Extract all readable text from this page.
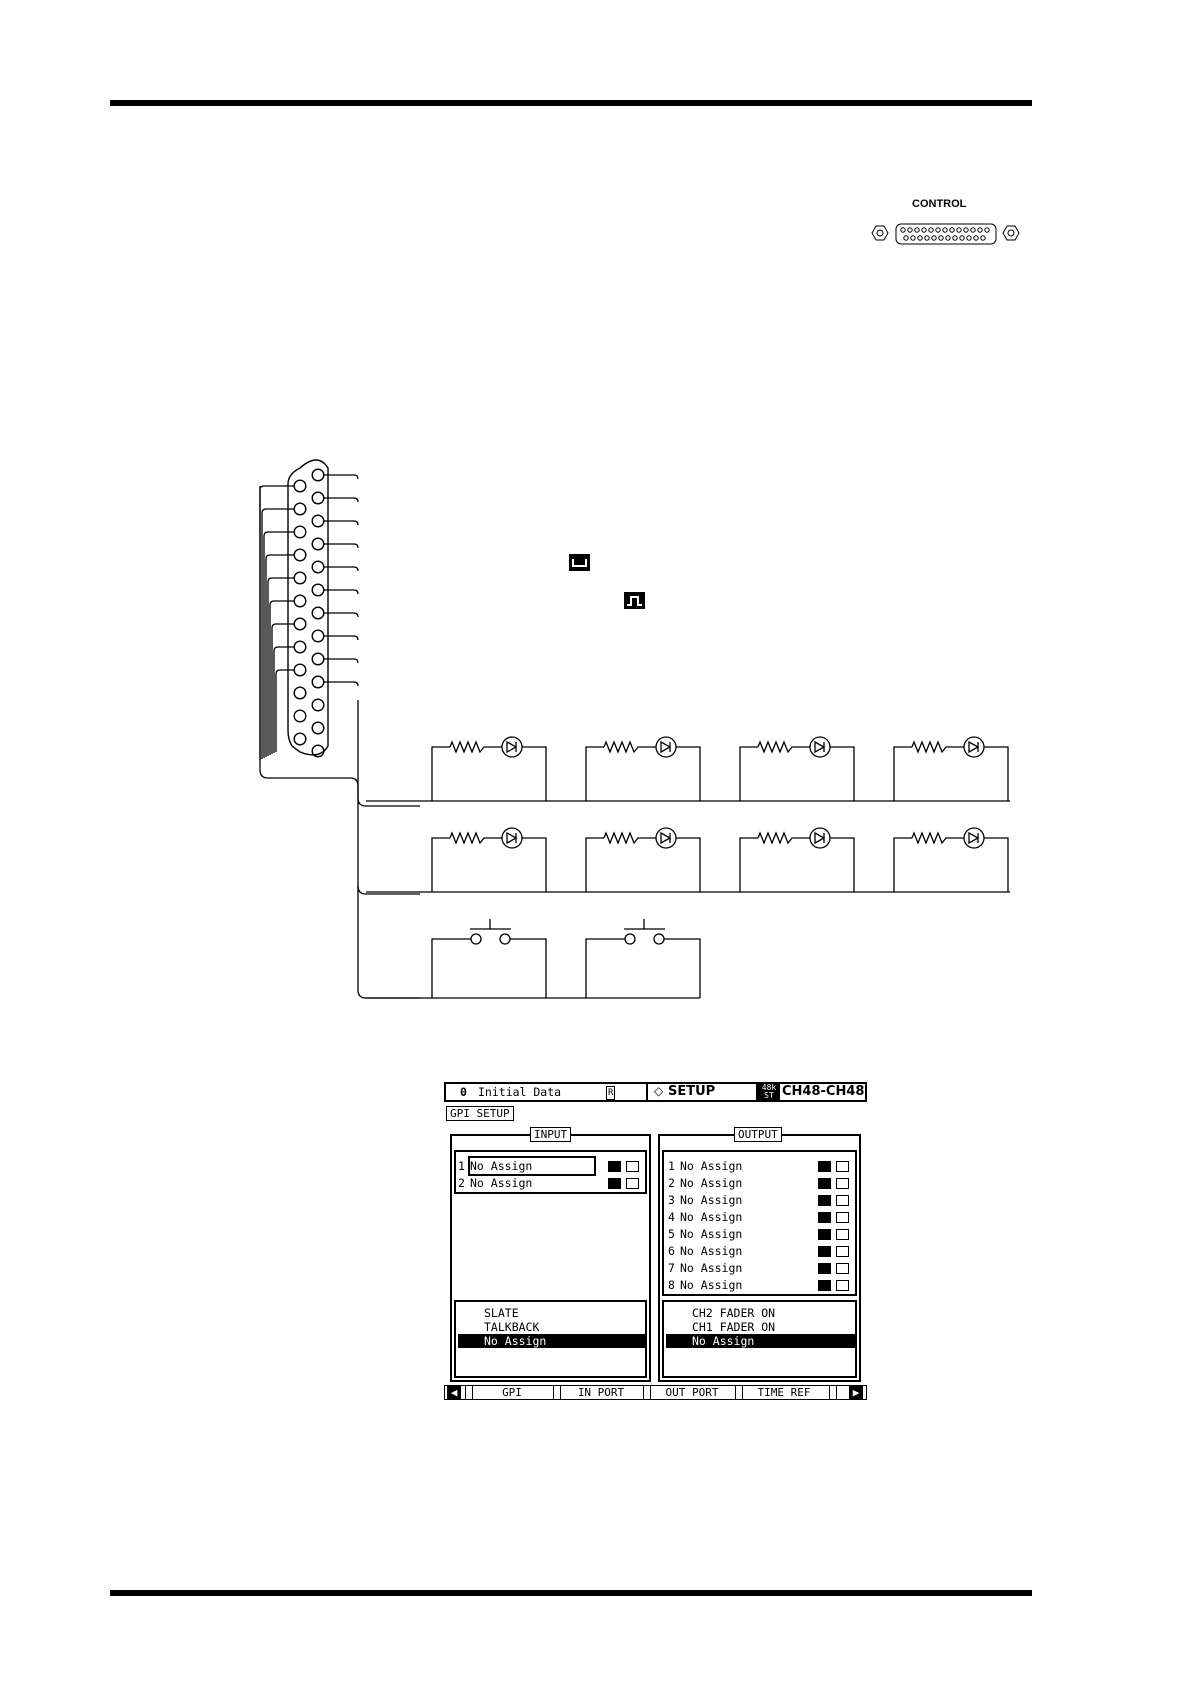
CONTROL
0 Initial Data	R	◇ SETUP	48k
ST CH48-CH48
GPI SETUP
INPUT
1 No Assign
2 No Assign
SLATE
TALKBACK
No Assign
OUTPUT
1 No Assign
2 No Assign
3 No Assign
4 No Assign
5 No Assign
6 No Assign
7 No Assign
8 No Assign
CH2 FADER ON
CH1 FADER ON
No Assign
◀	GPI	IN PORT	OUT PORT	TIME REF	▶
